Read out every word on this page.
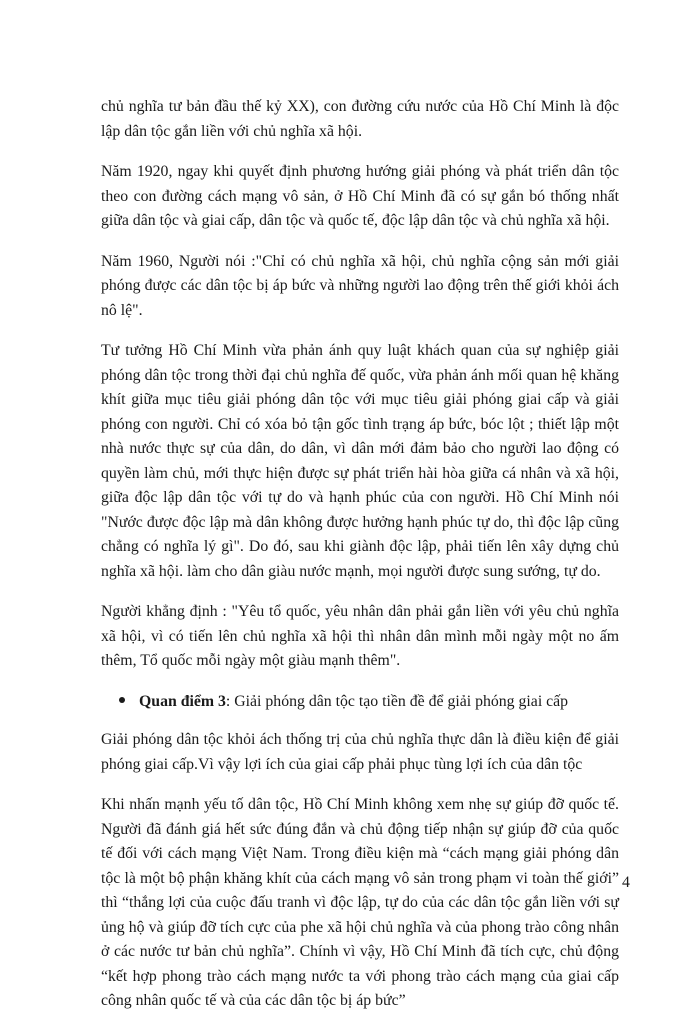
chủ nghĩa tư bản đầu thế kỷ XX), con đường cứu nước của Hồ Chí Minh là độc lập dân tộc gắn liền với chủ nghĩa xã hội.

Năm 1920, ngay khi quyết định phương hướng giải phóng và phát triển dân tộc theo con đường cách mạng vô sản, ở Hồ Chí Minh đã có sự gắn bó thống nhất giữa dân tộc và giai cấp, dân tộc và quốc tế, độc lập dân tộc và chủ nghĩa xã hội.

Năm 1960, Người nói :"Chỉ có chủ nghĩa xã hội, chủ nghĩa cộng sản mới giải phóng được các dân tộc bị áp bức và những người lao động trên thế giới khỏi ách nô lệ".

Tư tưởng Hồ Chí Minh vừa phản ánh quy luật khách quan của sự nghiệp giải phóng dân tộc trong thời đại chủ nghĩa đế quốc, vừa phản ánh mối quan hệ khăng khít giữa mục tiêu giải phóng dân tộc với mục tiêu giải phóng giai cấp và giải phóng con người. Chỉ có xóa bỏ tận gốc tình trạng áp bức, bóc lột ; thiết lập một nhà nước thực sự của dân, do dân, vì dân mới đảm bảo cho người lao động có quyền làm chủ, mới thực hiện được sự phát triển hài hòa giữa cá nhân và xã hội, giữa độc lập dân tộc với tự do và hạnh phúc của con người. Hồ Chí Minh nói "Nước được độc lập mà dân không được hưởng hạnh phúc tự do, thì độc lập cũng chẳng có nghĩa lý gì". Do đó, sau khi giành độc lập, phải tiến lên xây dựng chủ nghĩa xã hội. làm cho dân giàu nước mạnh, mọi người được sung sướng, tự do.

Người khẳng định : "Yêu tổ quốc, yêu nhân dân phải gắn liền với yêu chủ nghĩa xã hội, vì có tiến lên chủ nghĩa xã hội thì nhân dân mình mỗi ngày một no ấm thêm, Tổ quốc mỗi ngày một giàu mạnh thêm".

Quan điểm 3: Giải phóng dân tộc tạo tiền đề để giải phóng giai cấp

Giải phóng dân tộc khỏi ách thống trị của chủ nghĩa thực dân là điều kiện để giải phóng giai cấp.Vì vậy lợi ích của giai cấp phải phục tùng lợi ích của dân tộc

Khi nhấn mạnh yếu tố dân tộc, Hồ Chí Minh không xem nhẹ sự giúp đỡ quốc tế. Người đã đánh giá hết sức đúng đắn và chủ động tiếp nhận sự giúp đỡ của quốc tế đối với cách mạng Việt Nam. Trong điều kiện mà “cách mạng giải phóng dân tộc là một bộ phận khăng khít của cách mạng vô sản trong phạm vi toàn thế giới” thì “thắng lợi của cuộc đấu tranh vì độc lập, tự do của các dân tộc gắn liền với sự ủng hộ và giúp đỡ tích cực của phe xã hội chủ nghĩa và của phong trào công nhân ở các nước tư bản chủ nghĩa”. Chính vì vậy, Hồ Chí Minh đã tích cực, chủ động “kết hợp phong trào cách mạng nước ta với phong trào cách mạng của giai cấp công nhân quốc tế và của các dân tộc bị áp bức”

4
